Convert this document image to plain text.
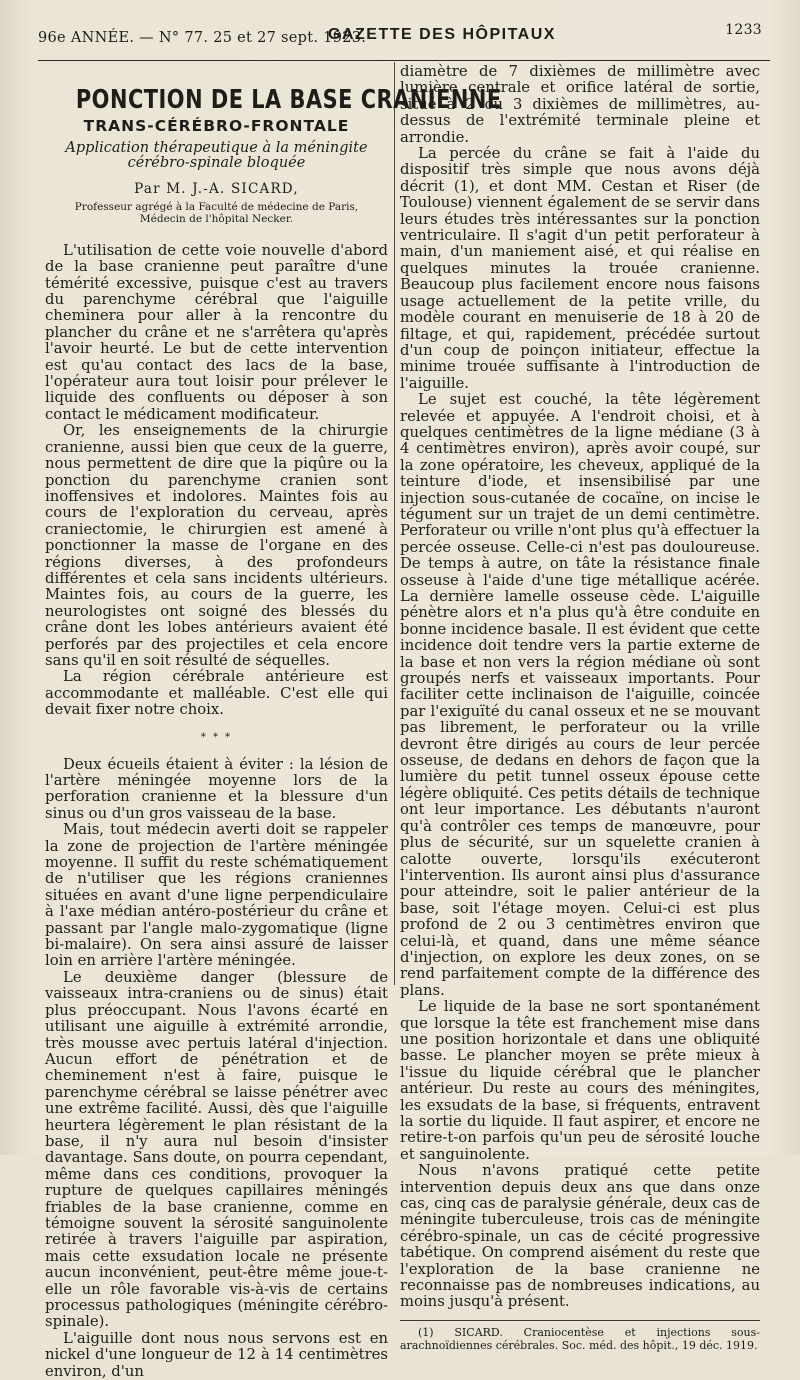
96e ANNÉE. — N° 77. 25 et 27 sept. 1923.
GAZETTE DES HÔPITAUX	1233
PONCTION DE LA BASE CRANIENNE
TRANS-CÉRÉBRO-FRONTALE
Application thérapeutique à la méningite cérébro-spinale bloquée
Par M. J.-A. SICARD,
Professeur agrégé à la Faculté de médecine de Paris, Médecin de l'hôpital Necker.

L'utilisation de cette voie nouvelle d'abord de la base cranienne peut paraître d'une témérité excessive, puisque c'est au travers du parenchyme cérébral que l'aiguille cheminera pour aller à la rencontre du plancher du crâne et ne s'arrêtera qu'après l'avoir heurté. Le but de cette intervention est qu'au contact des lacs de la base, l'opérateur aura tout loisir pour prélever le liquide des confluents ou déposer à son contact le médicament modificateur.

Or, les enseignements de la chirurgie cranienne, aussi bien que ceux de la guerre, nous permettent de dire que la piqûre ou la ponction du parenchyme cranien sont inoffensives et indolores. Maintes fois au cours de l'exploration du cerveau, après craniectomie, le chirurgien est amené à ponctionner la masse de l'organe en des régions diverses, à des profondeurs différentes et cela sans incidents ultérieurs. Maintes fois, au cours de la guerre, les neurologistes ont soigné des blessés du crâne dont les lobes antérieurs avaient été perforés par des projectiles et cela encore sans qu'il en soit résulté de séquelles.

La région cérébrale antérieure est accommodante et malléable. C'est elle qui devait fixer notre choix.

* * *

Deux écueils étaient à éviter : la lésion de l'artère méningée moyenne lors de la perforation cranienne et la blessure d'un sinus ou d'un gros vaisseau de la base.

Mais, tout médecin averti doit se rappeler la zone de projection de l'artère méningée moyenne. Il suffit du reste schématiquement de n'utiliser que les régions craniennes situées en avant d'une ligne perpendiculaire à l'axe médian antéro-postérieur du crâne et passant par l'angle malo-zygomatique (ligne bi-malaire). On sera ainsi assuré de laisser loin en arrière l'artère méningée.

Le deuxième danger (blessure de vaisseaux intra-craniens ou de sinus) était plus préoccupant. Nous l'avons écarté en utilisant une aiguille à extrémité arrondie, très mousse avec pertuis latéral d'injection. Aucun effort de pénétration et de cheminement n'est à faire, puisque le parenchyme cérébral se laisse pénétrer avec une extrême facilité. Aussi, dès que l'aiguille heurtera légèrement le plan résistant de la base, il n'y aura nul besoin d'insister davantage. Sans doute, on pourra cependant, même dans ces conditions, provoquer la rupture de quelques capillaires méningés friables de la base cranienne, comme en témoigne souvent la sérosité sanguinolente retirée à travers l'aiguille par aspiration, mais cette exsudation locale ne présente aucun inconvénient, peut-être même joue-t-elle un rôle favorable vis-à-vis de certains processus pathologiques (méningite cérébro-spinale).

L'aiguille dont nous nous servons est en nickel d'une longueur de 12 à 14 centimètres environ, d'un

diamètre de 7 dixièmes de millimètre avec lumière centrale et orifice latéral de sortie, situé à 2 ou 3 dixièmes de millimètres, au-dessus de l'extrémité terminale pleine et arrondie.

La percée du crâne se fait à l'aide du dispositif très simple que nous avons déjà décrit (1), et dont MM. Cestan et Riser (de Toulouse) viennent également de se servir dans leurs études très intéressantes sur la ponction ventriculaire. Il s'agit d'un petit perforateur à main, d'un maniement aisé, et qui réalise en quelques minutes la trouée cranienne. Beaucoup plus facilement encore nous faisons usage actuellement de la petite vrille, du modèle courant en menuiserie de 18 à 20 de filtage, et qui, rapidement, précédée surtout d'un coup de poinçon initiateur, effectue la minime trouée suffisante à l'introduction de l'aiguille.

Le sujet est couché, la tête légèrement relevée et appuyée. A l'endroit choisi, et à quelques centimètres de la ligne médiane (3 à 4 centimètres environ), après avoir coupé, sur la zone opératoire, les cheveux, appliqué de la teinture d'iode, et insensibilisé par une injection sous-cutanée de cocaïne, on incise le tégument sur un trajet de un demi centimètre. Perforateur ou vrille n'ont plus qu'à effectuer la percée osseuse. Celle-ci n'est pas douloureuse. De temps à autre, on tâte la résistance finale osseuse à l'aide d'une tige métallique acérée. La dernière lamelle osseuse cède. L'aiguille pénètre alors et n'a plus qu'à être conduite en bonne incidence basale. Il est évident que cette incidence doit tendre vers la partie externe de la base et non vers la région médiane où sont groupés nerfs et vaisseaux importants. Pour faciliter cette inclinaison de l'aiguille, coincée par l'exiguïté du canal osseux et ne se mouvant pas librement, le perforateur ou la vrille devront être dirigés au cours de leur percée osseuse, de dedans en dehors de façon que la lumière du petit tunnel osseux épouse cette légère obliquité. Ces petits détails de technique ont leur importance. Les débutants n'auront qu'à contrôler ces temps de manœuvre, pour plus de sécurité, sur un squelette cranien à calotte ouverte, lorsqu'ils exécuteront l'intervention. Ils auront ainsi plus d'assurance pour atteindre, soit le palier antérieur de la base, soit l'étage moyen. Celui-ci est plus profond de 2 ou 3 centimètres environ que celui-là, et quand, dans une même séance d'injection, on explore les deux zones, on se rend parfaitement compte de la différence des plans.

Le liquide de la base ne sort spontanément que lorsque la tête est franchement mise dans une position horizontale et dans une obliquité basse. Le plancher moyen se prête mieux à l'issue du liquide cérébral que le plancher antérieur. Du reste au cours des méningites, les exsudats de la base, si fréquents, entravent la sortie du liquide. Il faut aspirer, et encore ne retire-t-on parfois qu'un peu de sérosité louche et sanguinolente.

Nous n'avons pratiqué cette petite intervention depuis deux ans que dans onze cas, cinq cas de paralysie générale, deux cas de méningite tuberculeuse, trois cas de méningite cérébro-spinale, un cas de cécité progressive tabétique. On comprend aisément du reste que l'exploration de la base cranienne ne reconnaisse pas de nombreuses indications, au moins jusqu'à présent.

(1) SICARD. Craniocentèse et injections sous-arachnoïdiennes cérébrales. Soc. méd. des hôpit., 19 déc. 1919.
